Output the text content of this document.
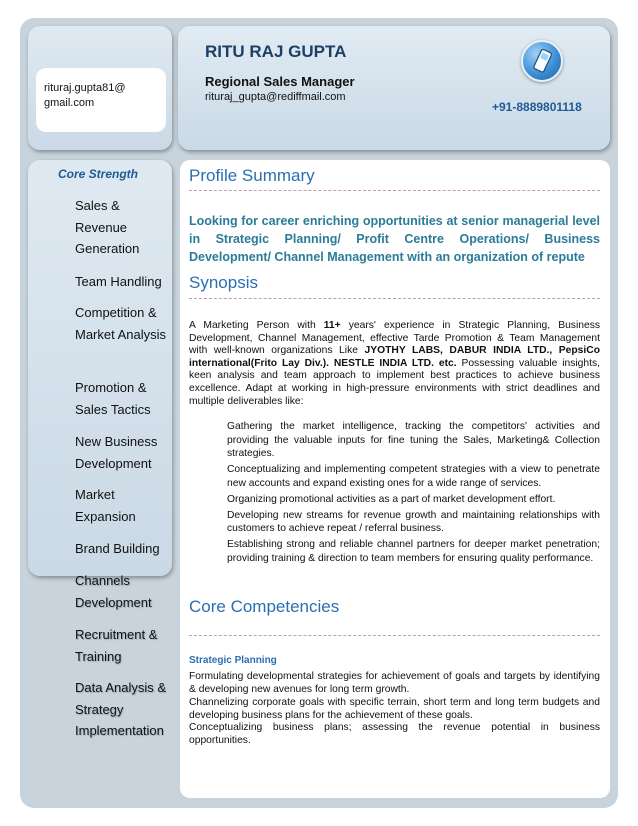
rituraj.gupta81@
gmail.com
RITU RAJ GUPTA
Regional Sales Manager
rituraj_gupta@rediffmail.com
+91-8889801118
Core Strength
Sales & Revenue Generation
Team Handling
Competition & Market Analysis
Promotion & Sales Tactics
New Business Development
Market Expansion
Brand Building
Channels Development
Recruitment & Training
Data Analysis & Strategy Implementation
Profile Summary
Looking for career enriching opportunities at senior managerial level in Strategic Planning/ Profit Centre Operations/ Business Development/ Channel Management with an organization of repute
Synopsis
A Marketing Person with 11+ years' experience in Strategic Planning, Business Development, Channel Management, effective Tarde Promotion & Team Management with well-known organizations Like JYOTHY LABS, DABUR INDIA LTD., PepsiCo international(Frito Lay Div.). NESTLE INDIA LTD. etc. Possessing valuable insights, keen analysis and team approach to implement best practices to achieve business excellence. Adapt at working in high-pressure environments with strict deadlines and multiple deliverables like:
Gathering the market intelligence, tracking the competitors' activities and providing the valuable inputs for fine tuning the Sales, Marketing& Collection strategies.
Conceptualizing and implementing competent strategies with a view to penetrate new accounts and expand existing ones for a wide range of services.
Organizing promotional activities as a part of market development effort.
Developing new streams for revenue growth and maintaining relationships with customers to achieve repeat / referral business.
Establishing strong and reliable channel partners for deeper market penetration; providing training & direction to team members for ensuring quality performance.
Core Competencies
Strategic Planning
Formulating developmental strategies for achievement of goals and targets by identifying & developing new avenues for long term growth.
Channelizing corporate goals with specific terrain, short term and long term budgets and developing business plans for the achievement of these goals.
Conceptualizing business plans; assessing the revenue potential in business opportunities.
